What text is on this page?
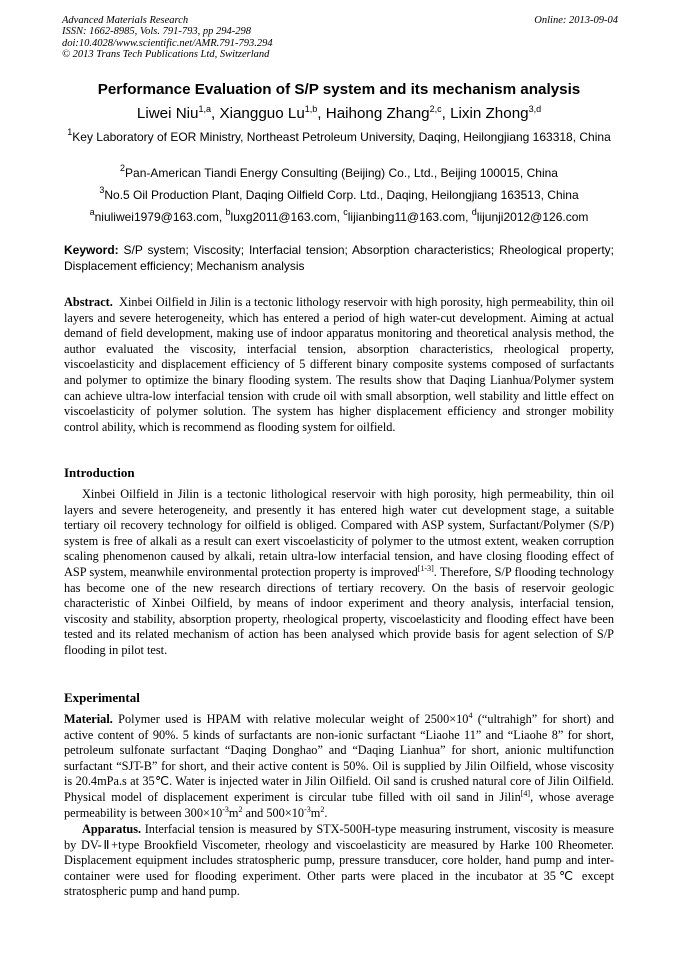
Advanced Materials Research
ISSN: 1662-8985, Vols. 791-793, pp 294-298
doi:10.4028/www.scientific.net/AMR.791-793.294
© 2013 Trans Tech Publications Ltd, Switzerland
Online: 2013-09-04
Performance Evaluation of S/P system and its mechanism analysis
Liwei Niu$^{1,a}$, Xiangguo Lu$^{1,b}$, Haihong Zhang$^{2,c}$, Lixin Zhong$^{3,d}$
$^1$Key Laboratory of EOR Ministry, Northeast Petroleum University, Daqing, Heilongjiang 163318, China
$^2$Pan-American Tiandi Energy Consulting (Beijing) Co., Ltd., Beijing 100015, China
$^3$No.5 Oil Production Plant, Daqing Oilfield Corp. Ltd., Daqing, Heilongjiang 163513, China
$^a$niuliwei1979@163.com, $^b$luxg2011@163.com, $^c$lijianbing11@163.com, $^d$lijunji2012@126.com
Keyword: S/P system; Viscosity; Interfacial tension; Absorption characteristics; Rheological property; Displacement efficiency; Mechanism analysis
Abstract. Xinbei Oilfield in Jilin is a tectonic lithology reservoir with high porosity, high permeability, thin oil layers and severe heterogeneity, which has entered a period of high water-cut development. Aiming at actual demand of field development, making use of indoor apparatus monitoring and theoretical analysis method, the author evaluated the viscosity, interfacial tension, absorption characteristics, rheological property, viscoelasticity and displacement efficiency of 5 different binary composite systems composed of surfactants and polymer to optimize the binary flooding system. The results show that Daqing Lianhua/Polymer system can achieve ultra-low interfacial tension with crude oil with small absorption, well stability and little effect on viscoelasticity of polymer solution. The system has higher displacement efficiency and stronger mobility control ability, which is recommend as flooding system for oilfield.
Introduction
Xinbei Oilfield in Jilin is a tectonic lithological reservoir with high porosity, high permeability, thin oil layers and severe heterogeneity, and presently it has entered high water cut development stage, a suitable tertiary oil recovery technology for oilfield is obliged. Compared with ASP system, Surfactant/Polymer (S/P) system is free of alkali as a result can exert viscoelasticity of polymer to the utmost extent, weaken corruption scaling phenomenon caused by alkali, retain ultra-low interfacial tension, and have closing flooding effect of ASP system, meanwhile environmental protection property is improved[1-3]. Therefore, S/P flooding technology has become one of the new research directions of tertiary recovery. On the basis of reservoir geologic characteristic of Xinbei Oilfield, by means of indoor experiment and theory analysis, interfacial tension, viscosity and stability, absorption property, rheological property, viscoelasticity and flooding effect have been tested and its related mechanism of action has been analysed which provide basis for agent selection of S/P flooding in pilot test.
Experimental
Material. Polymer used is HPAM with relative molecular weight of 2500×10$^4$ (“ultrahigh” for short) and active content of 90%. 5 kinds of surfactants are non-ionic surfactant “Liaohe 11” and “Liaohe 8” for short, petroleum sulfonate surfactant “Daqing Donghao” and “Daqing Lianhua” for short, anionic multifunction surfactant “SJT-B” for short, and their active content is 50%. Oil is supplied by Jilin Oilfield, whose viscosity is 20.4mPa.s at 35℃. Water is injected water in Jilin Oilfield. Oil sand is crushed natural core of Jilin Oilfield. Physical model of displacement experiment is circular tube filled with oil sand in Jilin[4], whose average permeability is between 300×10$^{-3}$m$^2$ and 500×10$^{-3}$m$^2$.
Apparatus. Interfacial tension is measured by STX-500H-type measuring instrument, viscosity is measure by DV-Ⅱ+type Brookfield Viscometer, rheology and viscoelasticity are measured by Harke 100 Rheometer. Displacement equipment includes stratospheric pump, pressure transducer, core holder, hand pump and inter-container were used for flooding experiment. Other parts were placed in the incubator at 35℃ except stratospheric pump and hand pump.
